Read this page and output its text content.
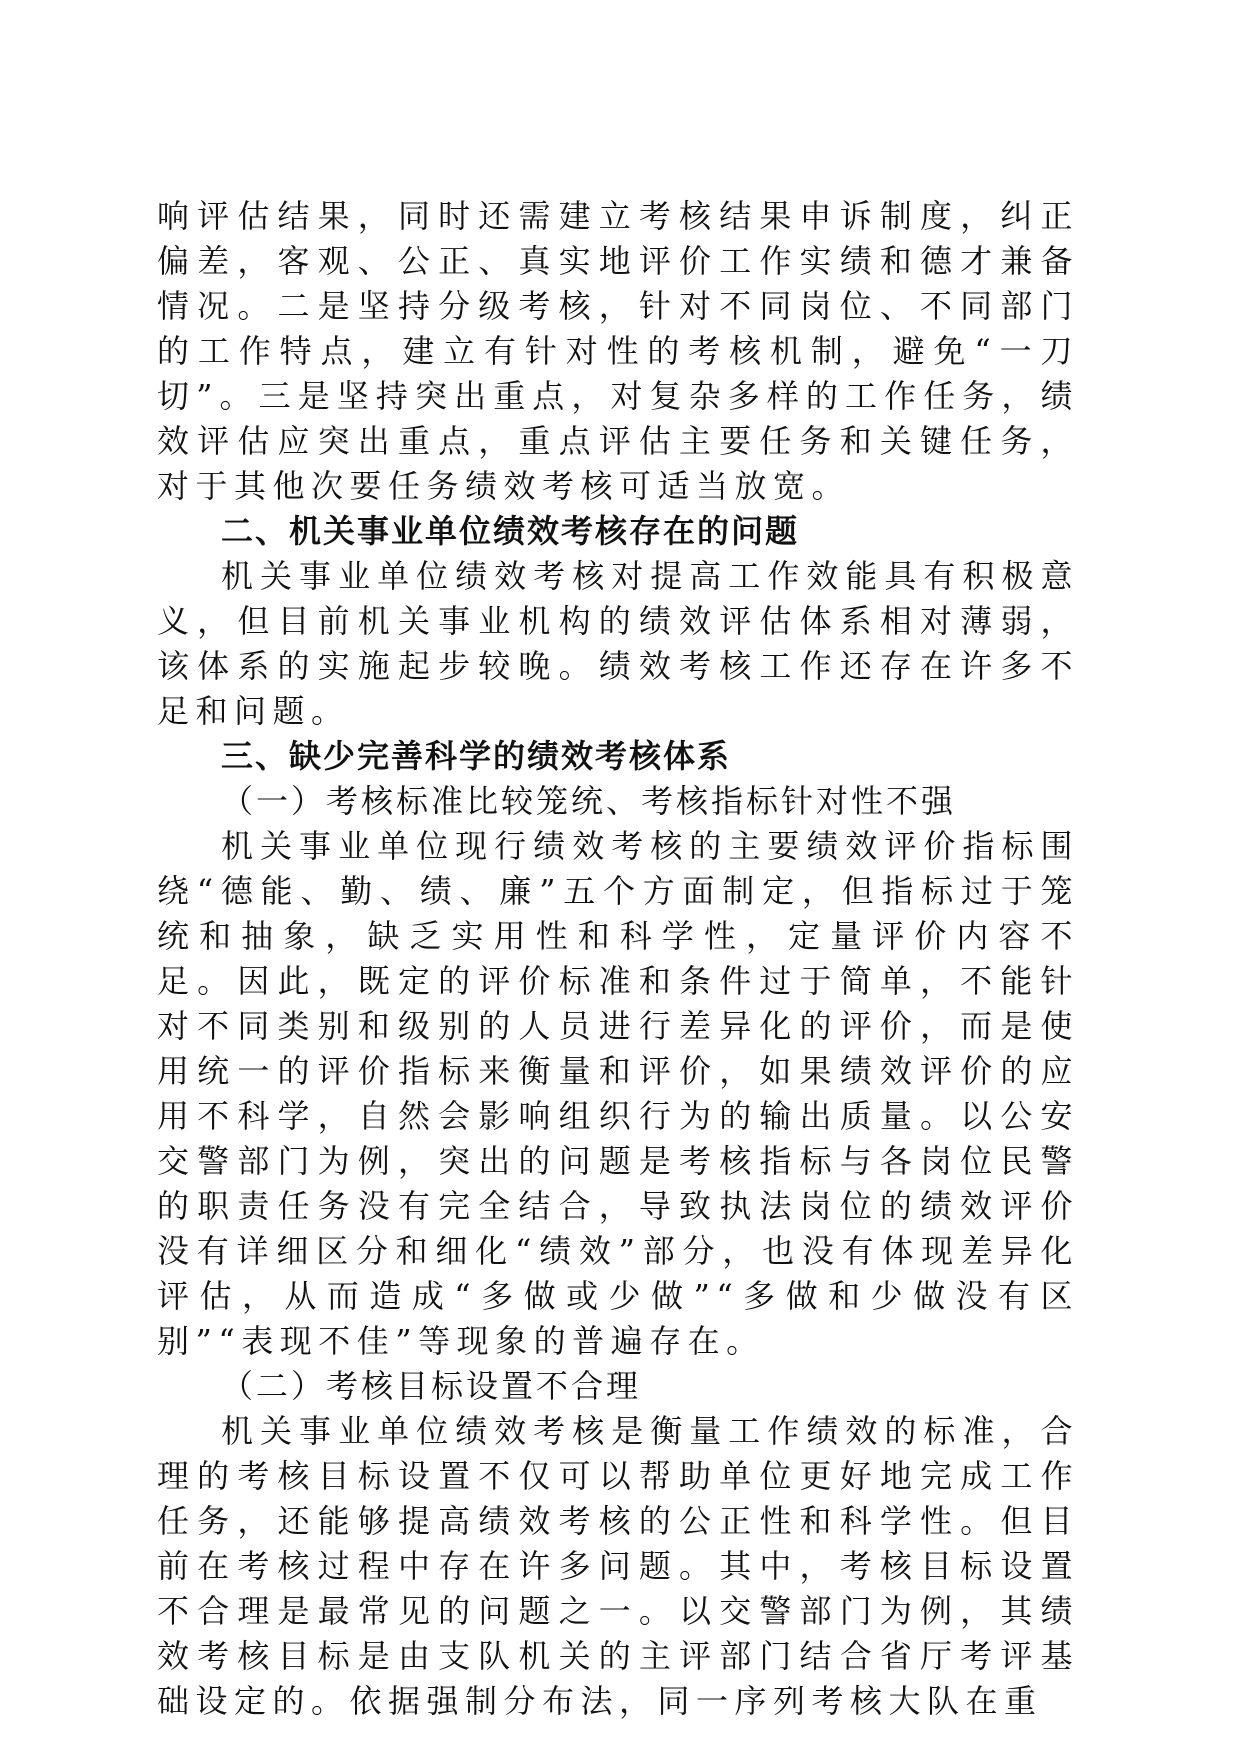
响评估结果，同时还需建立考核结果申诉制度，纠正偏差，客观、公正、真实地评价工作实绩和德才兼备情况。二是坚持分级考核，针对不同岗位、不同部门的工作特点，建立有针对性的考核机制，避免“一刀切”。三是坚持突出重点，对复杂多样的工作任务，绩效评估应突出重点，重点评估主要任务和关键任务，对于其他次要任务绩效考核可适当放宽。

二、机关事业单位绩效考核存在的问题

机关事业单位绩效考核对提高工作效能具有积极意义，但目前机关事业机构的绩效评估体系相对薄弱，该体系的实施起步较晚。绩效考核工作还存在许多不足和问题。

三、缺少完善科学的绩效考核体系

（一）考核标准比较笼统、考核指标针对性不强

机关事业单位现行绩效考核的主要绩效评价指标围绕“德能、勤、绩、廉”五个方面制定，但指标过于笼统和抽象，缺乏实用性和科学性，定量评价内容不足。因此，既定的评价标准和条件过于简单，不能针对不同类别和级别的人员进行差异化的评价，而是使用统一的评价指标来衡量和评价，如果绩效评价的应用不科学，自然会影响组织行为的输出质量。以公安交警部门为例，突出的问题是考核指标与各岗位民警的职责任务没有完全结合，导致执法岗位的绩效评价没有详细区分和细化“绩效”部分，也没有体现差异化评估，从而造成“多做或少做”“多做和少做没有区别”“表现不佳”等现象的普遍存在。

（二）考核目标设置不合理

机关事业单位绩效考核是衡量工作绩效的标准，合理的考核目标设置不仅可以帮助单位更好地完成工作任务，还能够提高绩效考核的公正性和科学性。但目前在考核过程中存在许多问题。其中，考核目标设置不合理是最常见的问题之一。以交警部门为例，其绩效考核目标是由支队机关的主评部门结合省厅考评基础设定的。依据强制分布法，同一序列考核大队在重
